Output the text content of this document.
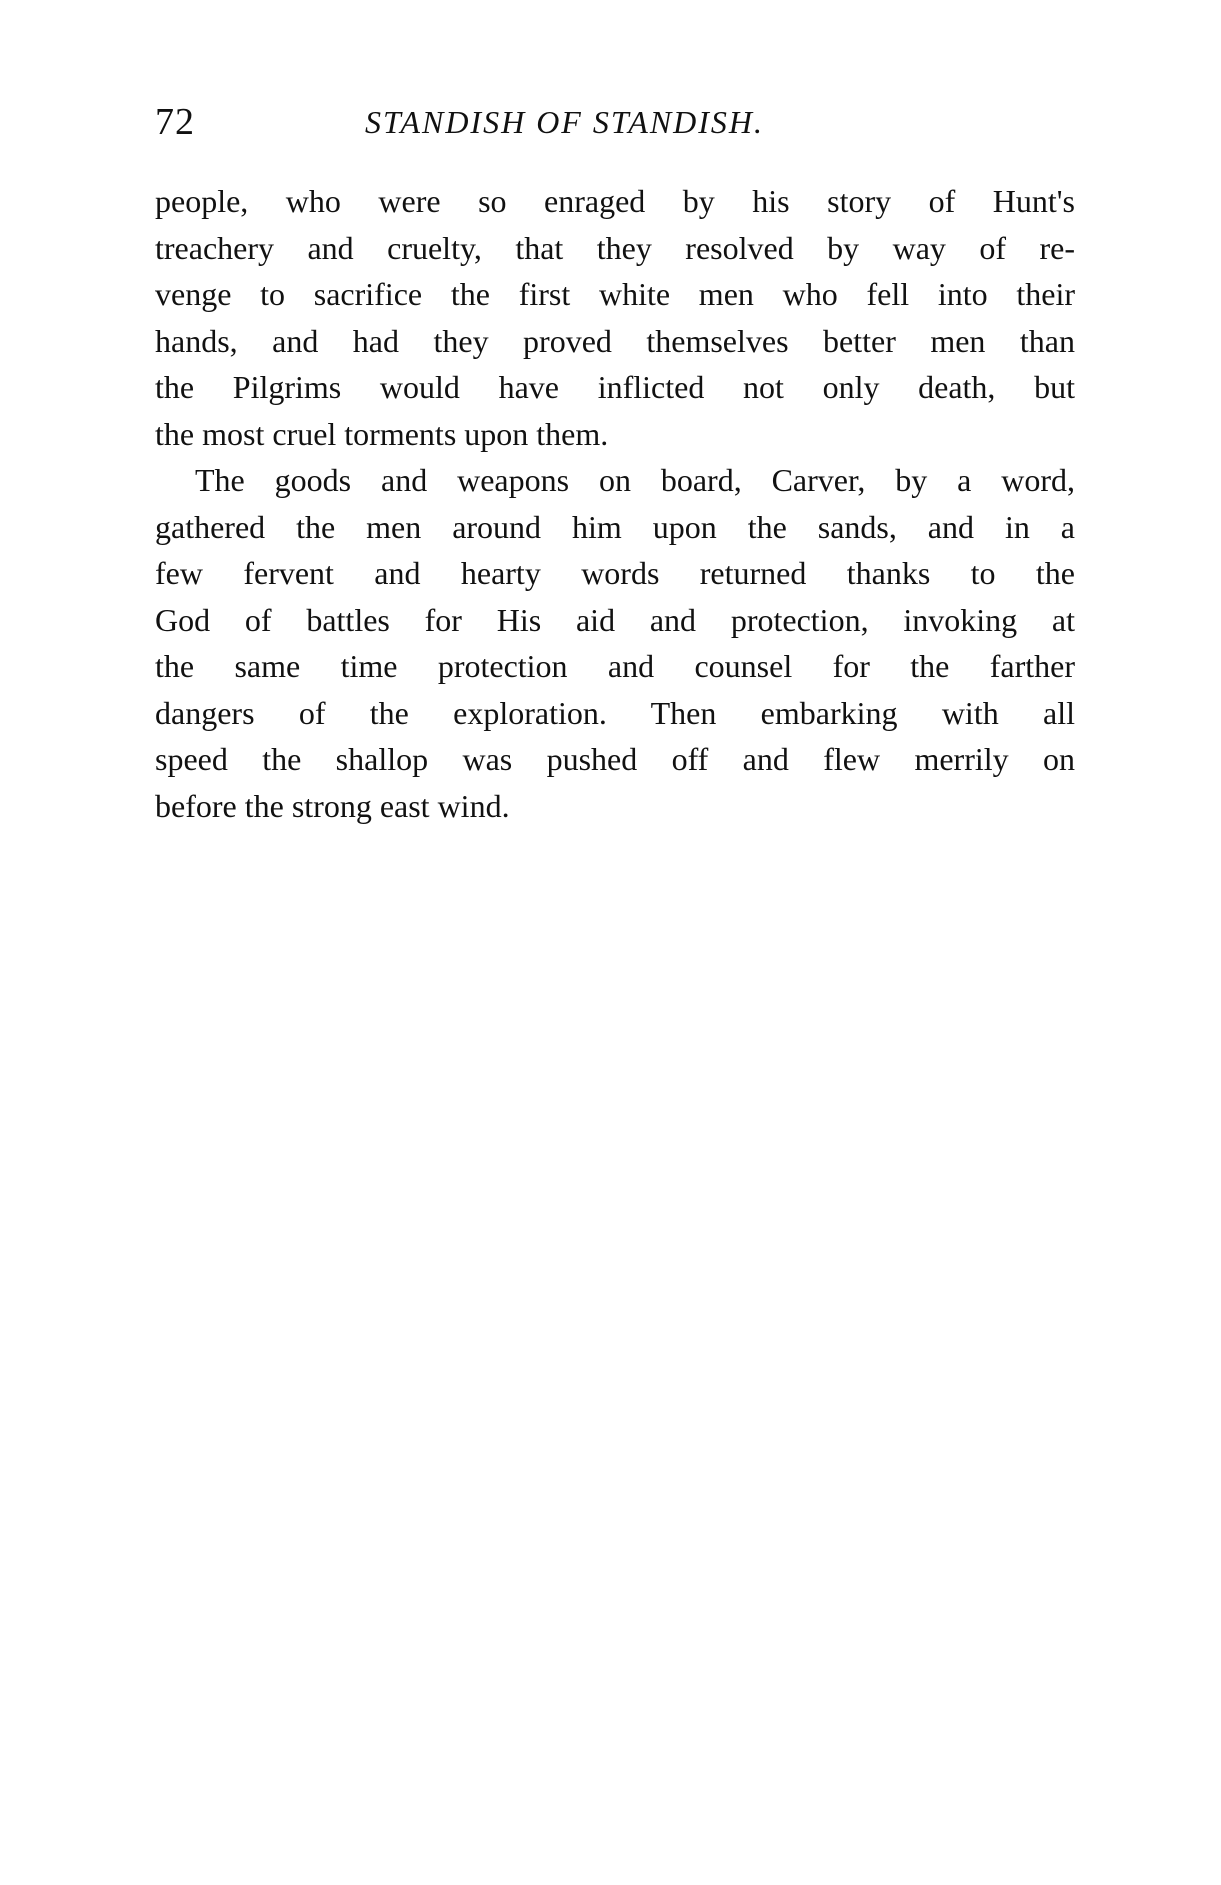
72	STANDISH OF STANDISH.
people, who were so enraged by his story of Hunt's
treachery and cruelty, that they resolved by way of re-
venge to sacrifice the first white men who fell into their
hands, and had they proved themselves better men than
the Pilgrims would have inflicted not only death, but
the most cruel torments upon them.
The goods and weapons on board, Carver, by a word,
gathered the men around him upon the sands, and in a
few fervent and hearty words returned thanks to the
God of battles for His aid and protection, invoking at
the same time protection and counsel for the farther
dangers of the exploration. Then embarking with all
speed the shallop was pushed off and flew merrily on
before the strong east wind.
